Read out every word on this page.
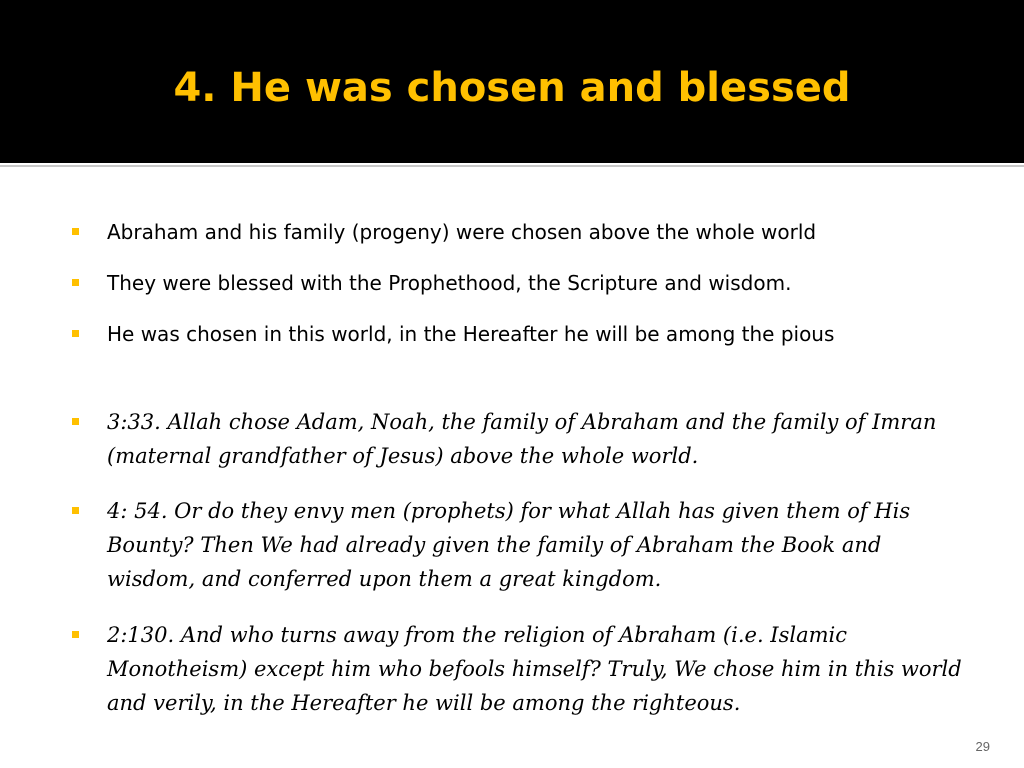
4. He was chosen and blessed
Abraham and his family (progeny) were chosen above the whole world
They were blessed with the Prophethood, the Scripture and wisdom.
He was chosen in this world, in the Hereafter he will be among the pious
3:33. Allah chose Adam, Noah, the family of Abraham and the family of Imran
(maternal grandfather of Jesus) above the whole world.
4: 54. Or do they envy men (prophets) for what Allah has given them of His
Bounty? Then We had already given the family of Abraham the Book and
wisdom, and conferred upon them a great kingdom.
2:130. And who turns away from the religion of Abraham (i.e. Islamic
Monotheism) except him who befools himself? Truly, We chose him in this world
and verily, in the Hereafter he will be among the righteous.
29
